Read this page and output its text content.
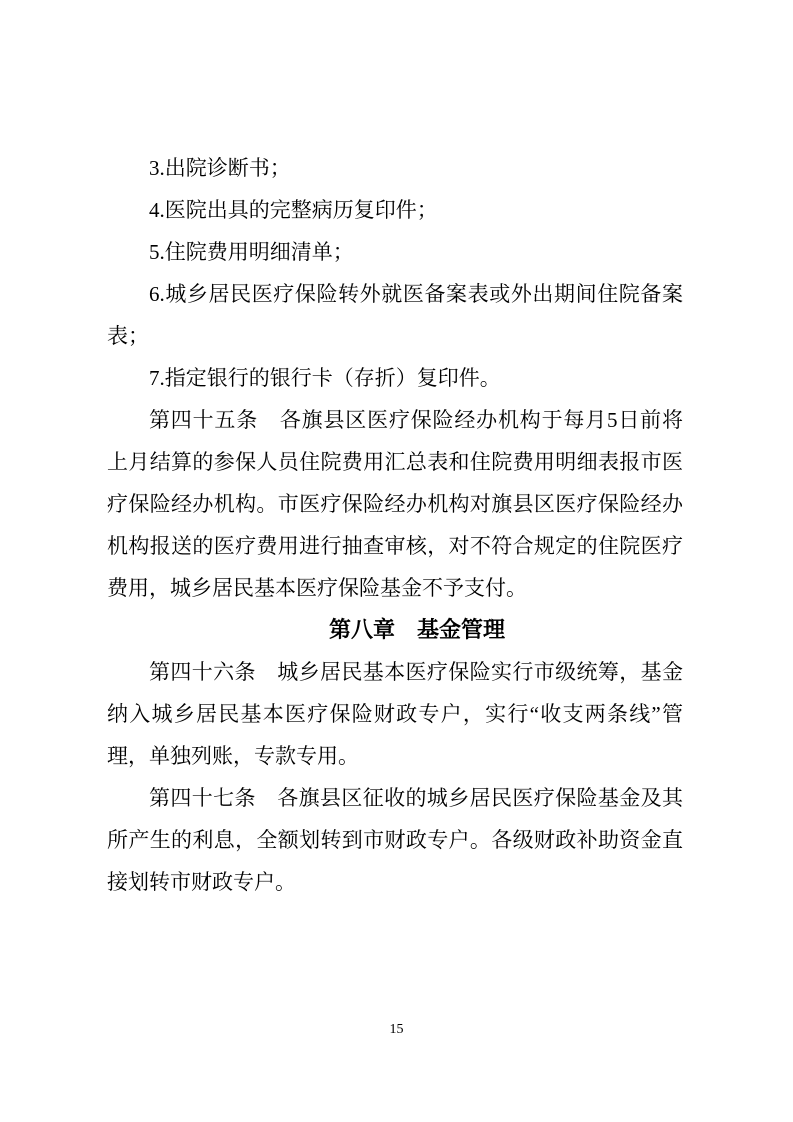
3.出院诊断书；

4.医院出具的完整病历复印件；

5.住院费用明细清单；

6.城乡居民医疗保险转外就医备案表或外出期间住院备案表；

7.指定银行的银行卡（存折）复印件。

第四十五条　各旗县区医疗保险经办机构于每月5日前将上月结算的参保人员住院费用汇总表和住院费用明细表报市医疗保险经办机构。市医疗保险经办机构对旗县区医疗保险经办机构报送的医疗费用进行抽查审核，对不符合规定的住院医疗费用，城乡居民基本医疗保险基金不予支付。

第八章　基金管理

第四十六条　城乡居民基本医疗保险实行市级统筹，基金纳入城乡居民基本医疗保险财政专户，实行“收支两条线”管理，单独列账，专款专用。

第四十七条　各旗县区征收的城乡居民医疗保险基金及其所产生的利息，全额划转到市财政专户。各级财政补助资金直接划转市财政专户。

15
